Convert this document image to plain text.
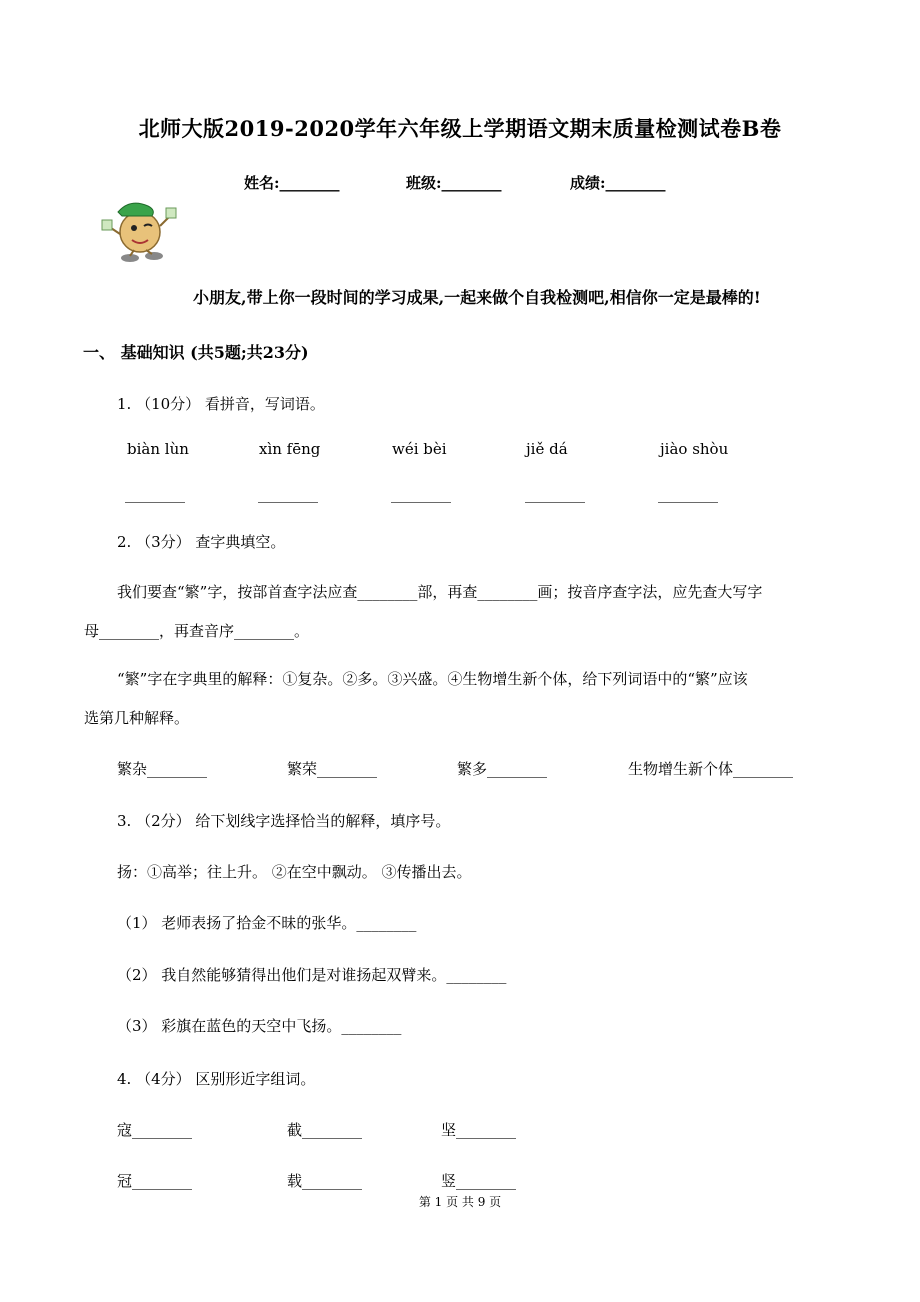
北师大版2019-2020学年六年级上学期语文期末质量检测试卷B卷
姓名:________	班级:________	成绩:________
小朋友,带上你一段时间的学习成果,一起来做个自我检测吧,相信你一定是最棒的!
一、 基础知识 (共5题;共23分)
1. （10分） 看拼音，写词语。
biàn lùn	xìn fēng	wéi bèi	jiě dá	jiào shòu
________	________	________	________	________
2. （3分） 查字典填空。
我们要查“繁”字，按部首查字法应查________部，再查________画；按音序查字法，应先查大写字
母________，再查音序________。
“繁”字在字典里的解释：①复杂。②多。③兴盛。④生物增生新个体，给下列词语中的“繁”应该
选第几种解释。
繁杂________	繁荣________	繁多________	生物增生新个体________
3. （2分） 给下划线字选择恰当的解释，填序号。
扬：①高举；往上升。 ②在空中飘动。 ③传播出去。
（1） 老师表扬了拾金不昧的张华。________
（2） 我自然能够猜得出他们是对谁扬起双臂来。________
（3） 彩旗在蓝色的天空中飞扬。________
4. （4分） 区别形近字组词。
寇________	截________	坚________
冠________	载________	竖________
第 1 页 共 9 页
